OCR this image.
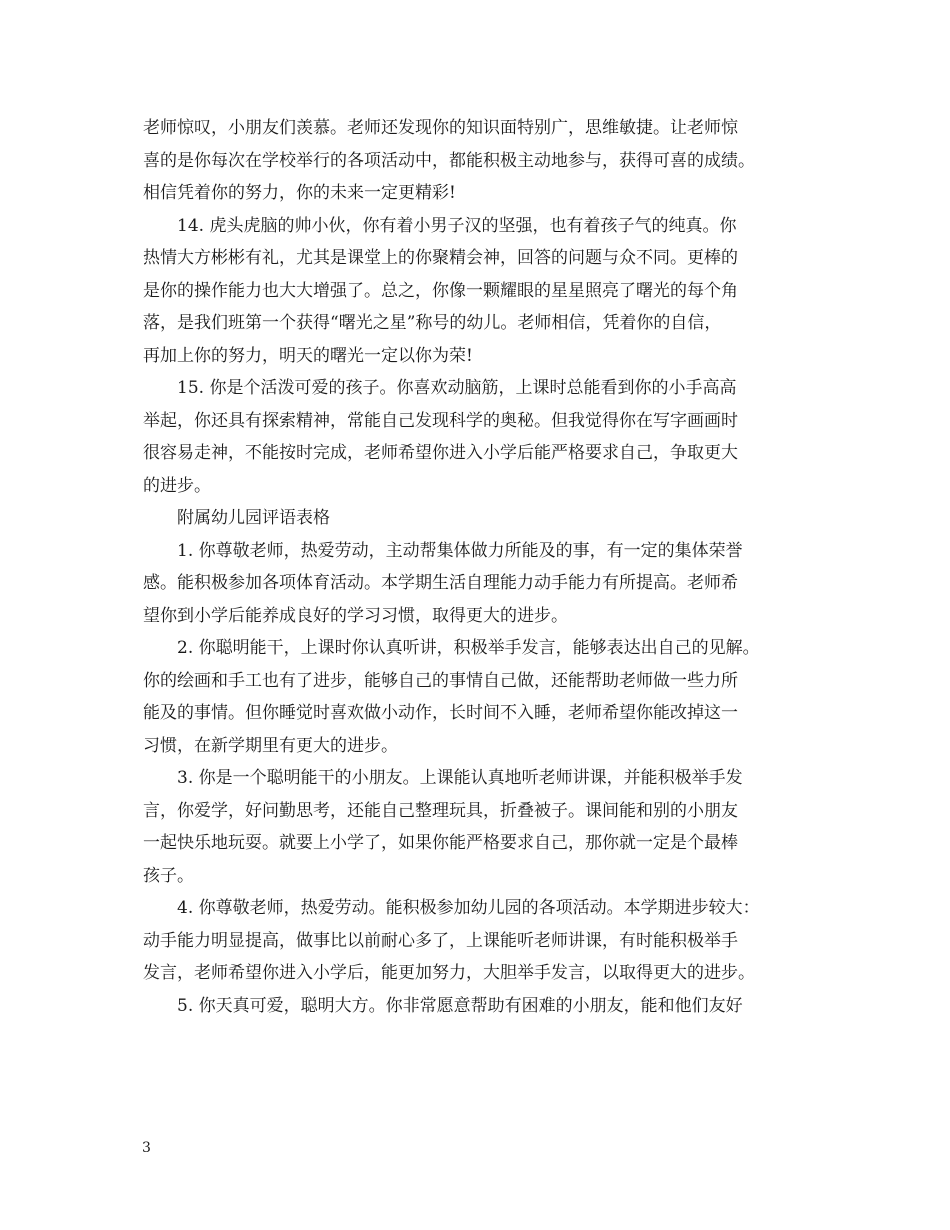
老师惊叹，小朋友们羡慕。老师还发现你的知识面特别广，思维敏捷。让老师惊
喜的是你每次在学校举行的各项活动中，都能积极主动地参与，获得可喜的成绩。
相信凭着你的努力，你的未来一定更精彩!
14. 虎头虎脑的帅小伙，你有着小男子汉的坚强，也有着孩子气的纯真。你
热情大方彬彬有礼，尤其是课堂上的你聚精会神，回答的问题与众不同。更棒的
是你的操作能力也大大增强了。总之，你像一颗耀眼的星星照亮了曙光的每个角
落，是我们班第一个获得“曙光之星”称号的幼儿。老师相信，凭着你的自信，
再加上你的努力，明天的曙光一定以你为荣!
15. 你是个活泼可爱的孩子。你喜欢动脑筋，上课时总能看到你的小手高高
举起，你还具有探索精神，常能自己发现科学的奥秘。但我觉得你在写字画画时
很容易走神，不能按时完成，老师希望你进入小学后能严格要求自己，争取更大
的进步。
附属幼儿园评语表格
1. 你尊敬老师，热爱劳动，主动帮集体做力所能及的事，有一定的集体荣誉
感。能积极参加各项体育活动。本学期生活自理能力动手能力有所提高。老师希
望你到小学后能养成良好的学习习惯，取得更大的进步。
2. 你聪明能干，上课时你认真听讲，积极举手发言，能够表达出自己的见解。
你的绘画和手工也有了进步，能够自己的事情自己做，还能帮助老师做一些力所
能及的事情。但你睡觉时喜欢做小动作，长时间不入睡，老师希望你能改掉这一
习惯，在新学期里有更大的进步。
3. 你是一个聪明能干的小朋友。上课能认真地听老师讲课，并能积极举手发
言，你爱学，好问勤思考，还能自己整理玩具，折叠被子。课间能和别的小朋友
一起快乐地玩耍。就要上小学了，如果你能严格要求自己，那你就一定是个最棒
孩子。
4. 你尊敬老师，热爱劳动。能积极参加幼儿园的各项活动。本学期进步较大：
动手能力明显提高，做事比以前耐心多了，上课能听老师讲课，有时能积极举手
发言，老师希望你进入小学后，能更加努力，大胆举手发言，以取得更大的进步。
5. 你天真可爱，聪明大方。你非常愿意帮助有困难的小朋友，能和他们友好
3
